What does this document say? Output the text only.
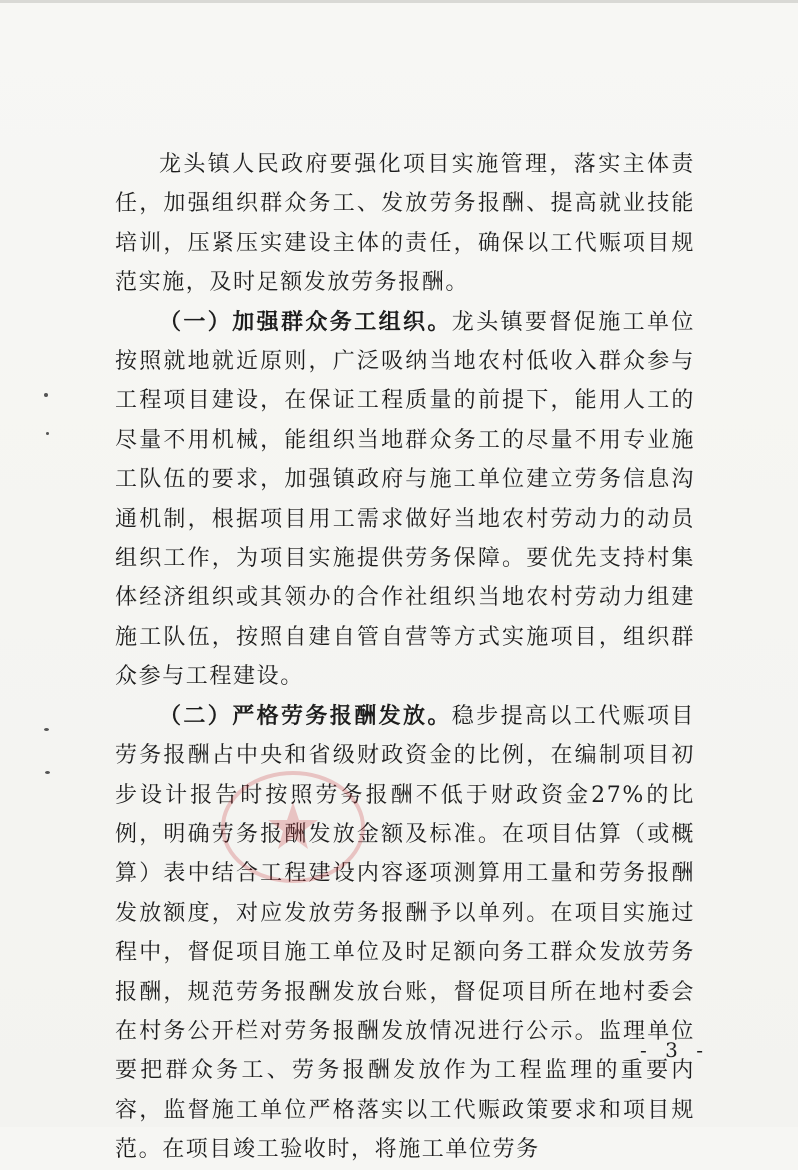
龙头镇人民政府要强化项目实施管理，落实主体责任，加强组织群众务工、发放劳务报酬、提高就业技能培训，压紧压实建设主体的责任，确保以工代赈项目规范实施，及时足额发放劳务报酬。

（一）加强群众务工组织。龙头镇要督促施工单位按照就地就近原则，广泛吸纳当地农村低收入群众参与工程项目建设，在保证工程质量的前提下，能用人工的尽量不用机械，能组织当地群众务工的尽量不用专业施工队伍的要求，加强镇政府与施工单位建立劳务信息沟通机制，根据项目用工需求做好当地农村劳动力的动员组织工作，为项目实施提供劳务保障。要优先支持村集体经济组织或其领办的合作社组织当地农村劳动力组建施工队伍，按照自建自管自营等方式实施项目，组织群众参与工程建设。

（二）严格劳务报酬发放。稳步提高以工代赈项目劳务报酬占中央和省级财政资金的比例，在编制项目初步设计报告时按照劳务报酬不低于财政资金27%的比例，明确劳务报酬发放金额及标准。在项目估算（或概算）表中结合工程建设内容逐项测算用工量和劳务报酬发放额度，对应发放劳务报酬予以单列。在项目实施过程中，督促项目施工单位及时足额向务工群众发放劳务报酬，规范劳务报酬发放台账，督促项目所在地村委会在村务公开栏对劳务报酬发放情况进行公示。监理单位要把群众务工、劳务报酬发放作为工程监理的重要内容，监督施工单位严格落实以工代赈政策要求和项目规范。在项目竣工验收时，将施工单位劳务

- 3 -
